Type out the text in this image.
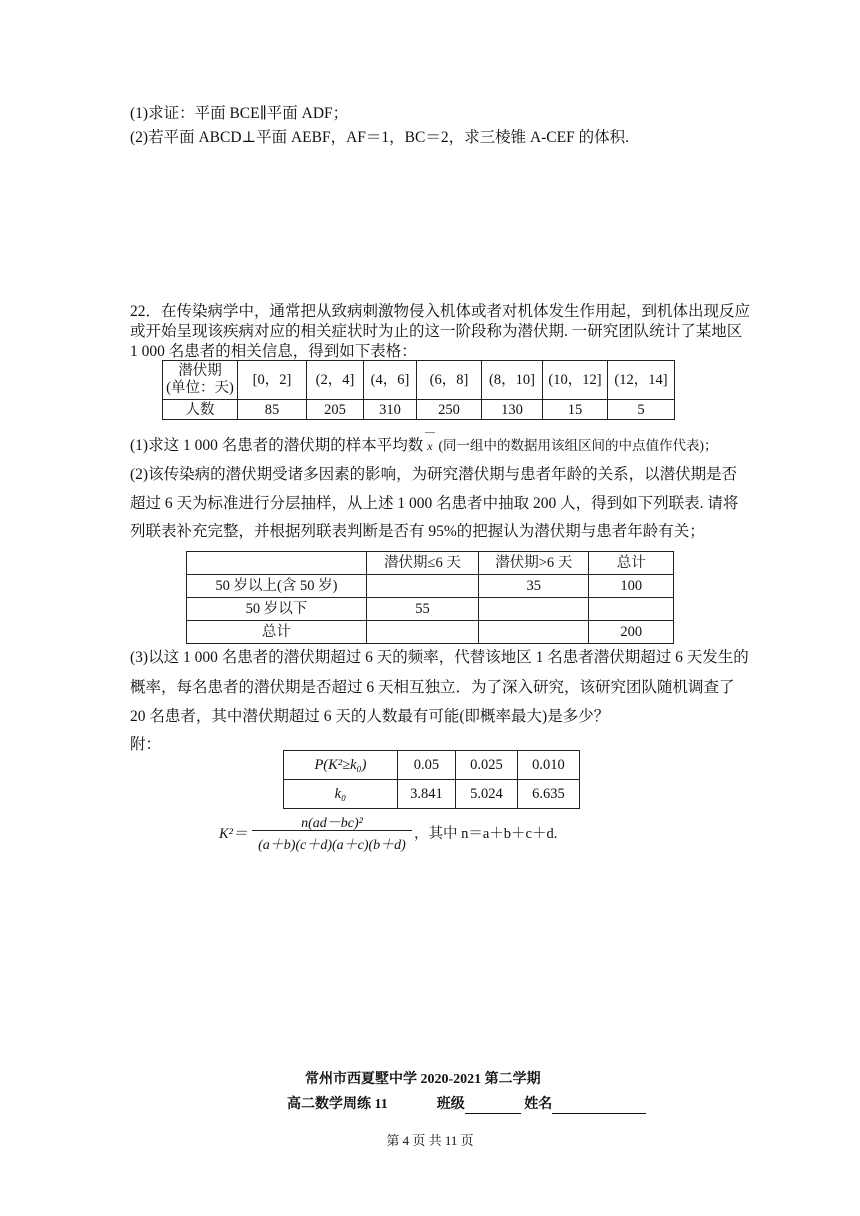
(1)求证：平面 BCE∥平面 ADF；
(2)若平面 ABCD⊥平面 AEBF，AF＝1，BC＝2，求三棱锥 A-CEF 的体积.
22．在传染病学中，通常把从致病刺激物侵入机体或者对机体发生作用起，到机体出现反应
或开始呈现该疾病对应的相关症状时为止的这一阶段称为潜伏期. 一研究团队统计了某地区
1 000 名患者的相关信息，得到如下表格：
潜伏期
(单位：天)	[0，2]	(2，4]	(4，6]	(6，8]	(8，10]	(10，12]	(12，14]
人数	85	205	310	250	130	15	5
(1)求这 1 000 名患者的潜伏期的样本平均数 x (同一组中的数据用该组区间的中点值作代表)；
(2)该传染病的潜伏期受诸多因素的影响，为研究潜伏期与患者年龄的关系，以潜伏期是否
超过 6 天为标准进行分层抽样，从上述 1 000 名患者中抽取 200 人，得到如下列联表. 请将
列联表补充完整，并根据列联表判断是否有 95%的把握认为潜伏期与患者年龄有关；
	潜伏期≤6 天	潜伏期>6 天	总计
50 岁以上(含 50 岁)		35	100
50 岁以下	55		
总计			200
(3)以这 1 000 名患者的潜伏期超过 6 天的频率，代替该地区 1 名患者潜伏期超过 6 天发生的
概率，每名患者的潜伏期是否超过 6 天相互独立．为了深入研究，该研究团队随机调查了
20 名患者，其中潜伏期超过 6 天的人数最有可能(即概率最大)是多少？
附：
P(K²≥k₀)	0.05	0.025	0.010
k₀	3.841	5.024	6.635
K²＝
n(ad－bc)²
(a＋b)(c＋d)(a＋c)(b＋d)
，其中 n＝a＋b＋c＋d.
常州市西夏墅中学 2020-2021 第二学期
高二数学周练 11	班级	姓名
第 4 页 共 11 页
